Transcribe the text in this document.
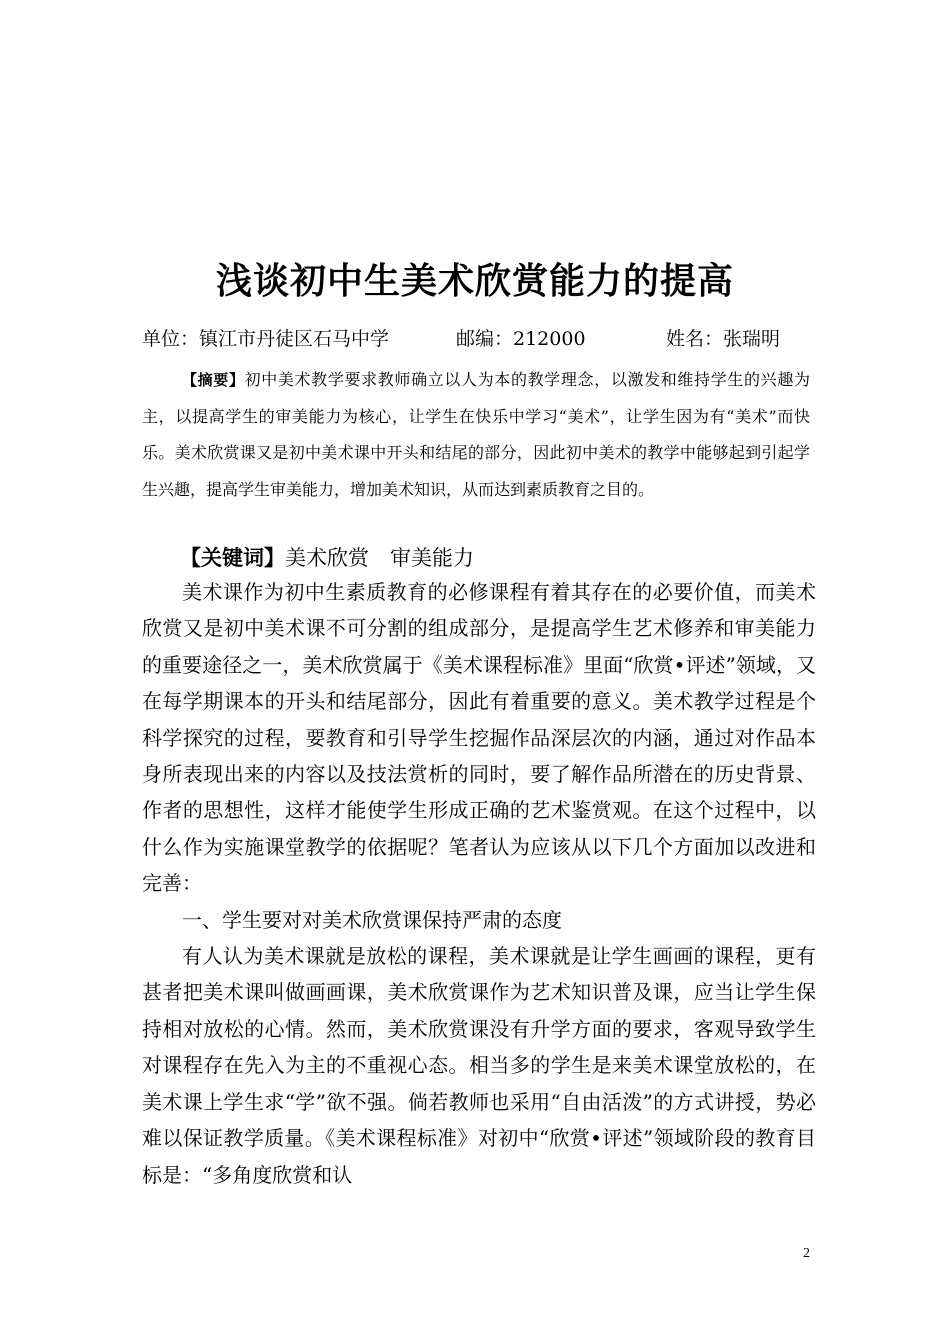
浅谈初中生美术欣赏能力的提高
单位：镇江市丹徒区石马中学	邮编：212000	姓名：张瑞明
【摘要】初中美术教学要求教师确立以人为本的教学理念，以激发和维持学生的兴趣为主，以提高学生的审美能力为核心，让学生在快乐中学习“美术”，让学生因为有“美术”而快乐。美术欣赏课又是初中美术课中开头和结尾的部分，因此初中美术的教学中能够起到引起学生兴趣，提高学生审美能力，增加美术知识，从而达到素质教育之目的。
【关键词】美术欣赏　审美能力

美术课作为初中生素质教育的必修课程有着其存在的必要价值，而美术欣赏又是初中美术课不可分割的组成部分，是提高学生艺术修养和审美能力的重要途径之一，美术欣赏属于《美术课程标准》里面“欣赏•评述”领域，又在每学期课本的开头和结尾部分，因此有着重要的意义。美术教学过程是个科学探究的过程，要教育和引导学生挖掘作品深层次的内涵，通过对作品本身所表现出来的内容以及技法赏析的同时，要了解作品所潜在的历史背景、作者的思想性，这样才能使学生形成正确的艺术鉴赏观。在这个过程中，以什么作为实施课堂教学的依据呢？笔者认为应该从以下几个方面加以改进和完善：

一、学生要对对美术欣赏课保持严肃的态度

有人认为美术课就是放松的课程，美术课就是让学生画画的课程，更有甚者把美术课叫做画画课，美术欣赏课作为艺术知识普及课，应当让学生保持相对放松的心情。然而，美术欣赏课没有升学方面的要求，客观导致学生对课程存在先入为主的不重视心态。相当多的学生是来美术课堂放松的，在美术课上学生求“学”欲不强。倘若教师也采用“自由活泼”的方式讲授，势必难以保证教学质量。《美术课程标准》对初中“欣赏•评述”领域阶段的教育目标是：“多角度欣赏和认

2
